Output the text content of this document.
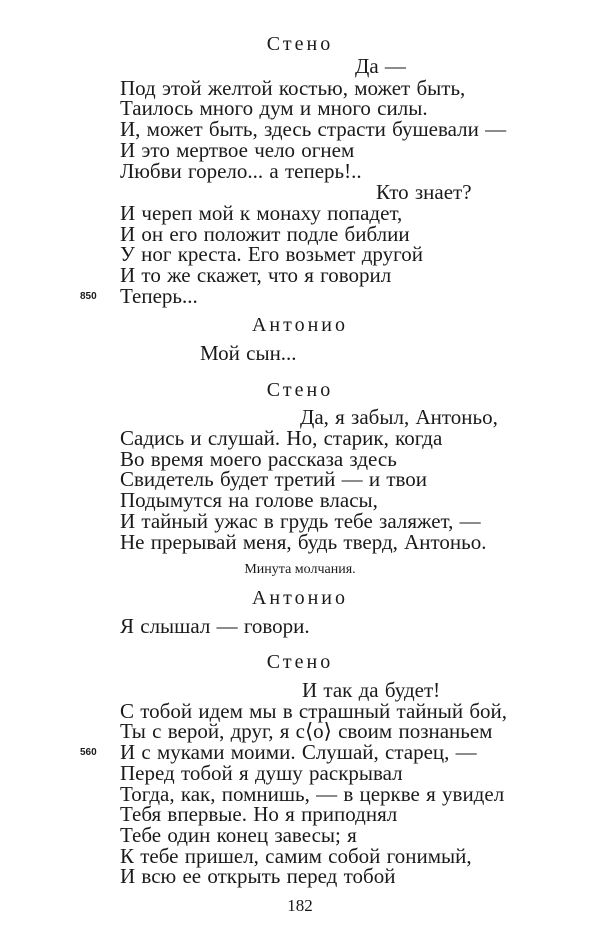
Стено
Да —
Под этой желтой костью, может быть,
Таилось много дум и много силы.
И, может быть, здесь страсти бушевали —
И это мертвое чело огнем
Любви горело... а теперь!..
Кто знает?
И череп мой к монаху попадет,
И он его положит подле библии
У ног креста. Его возьмет другой
И то же скажет, что я говорил
850 Теперь...
Антонио
Мой сын...
Стено
Да, я забыл, Антоньо,
Садись и слушай. Но, старик, когда
Во время моего рассказа здесь
Свидетель будет третий — и твои
Подымутся на голове власы,
И тайный ужас в грудь тебе заляжет, —
Не прерывай меня, будь тверд, Антоньо.
Минута молчания.
Антонио
Я слышал — говори.
Стено
И так да будет!
С тобой идем мы в страшный тайный бой,
Ты с верой, друг, я с⟨о⟩ своим познаньем
560 И с муками моими. Слушай, старец, —
Перед тобой я душу раскрывал
Тогда, как, помнишь, — в церкве я увидел
Тебя впервые. Но я приподнял
Тебе один конец завесы; я
К тебе пришел, самим собой гонимый,
И всю ее открыть перед тобой
182
